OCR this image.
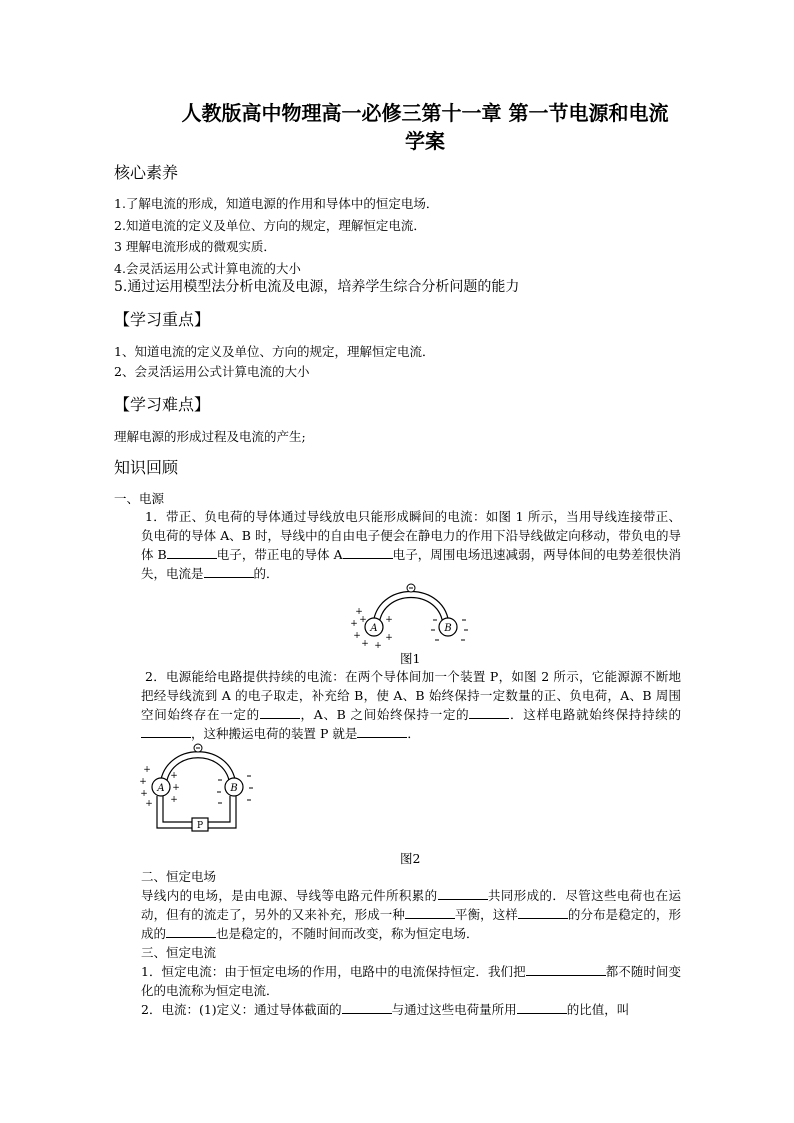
人教版高中物理高一必修三第十一章 第一节电源和电流
学案
核心素养
1.了解电流的形成，知道电源的作用和导体中的恒定电场．
2.知道电流的定义及单位、方向的规定，理解恒定电流．
3 理解电流形成的微观实质．
4.会灵活运用公式计算电流的大小
5.通过运用模型法分析电流及电源，培养学生综合分析问题的能力
【学习重点】
1、知道电流的定义及单位、方向的规定，理解恒定电流．
2、会灵活运用公式计算电流的大小
【学习难点】
理解电源的形成过程及电流的产生;
知识回顾
一、电源
1．带正、负电荷的导体通过导线放电只能形成瞬间的电流：如图 1 所示，当用导线连接带正、负电荷的导体 A、B 时，导线中的自由电子便会在静电力的作用下沿导线做定向移动，带负电的导体 B	电子，带正电的导体 A	电子，周围电场迅速减弱，两导体间的电势差很快消失，电流是	的．
A	B
+
+
+
+ +
+
+
+
图1
2．电源能给电路提供持续的电流：在两个导体间加一个装置 P，如图 2 所示，它能源源不断地把经导线流到 A 的电子取走，补充给 B，使 A、B 始终保持一定数量的正、负电荷，A、B 周围空间始终存在一定的	，A、B 之间始终保持一定的	．这样电路就始终保持持续的，这种搬运电荷的装置 P 就是	．
A	B
P
+
+
+
+
+
+
+
图2
二、恒定电场
导线内的电场，是由电源、导线等电路元件所积累的	共同形成的．尽管这些电荷也在运动，但有的流走了，另外的又来补充，形成一种	平衡，这样	的分布是稳定的，形成的	也是稳定的，不随时间而改变，称为恒定电场．
三、恒定电流
1．恒定电流：由于恒定电场的作用，电路中的电流保持恒定．我们把	都不随时间变化的电流称为恒定电流．
2．电流：(1)定义：通过导体截面的	与通过这些电荷量所用	的比值，叫
